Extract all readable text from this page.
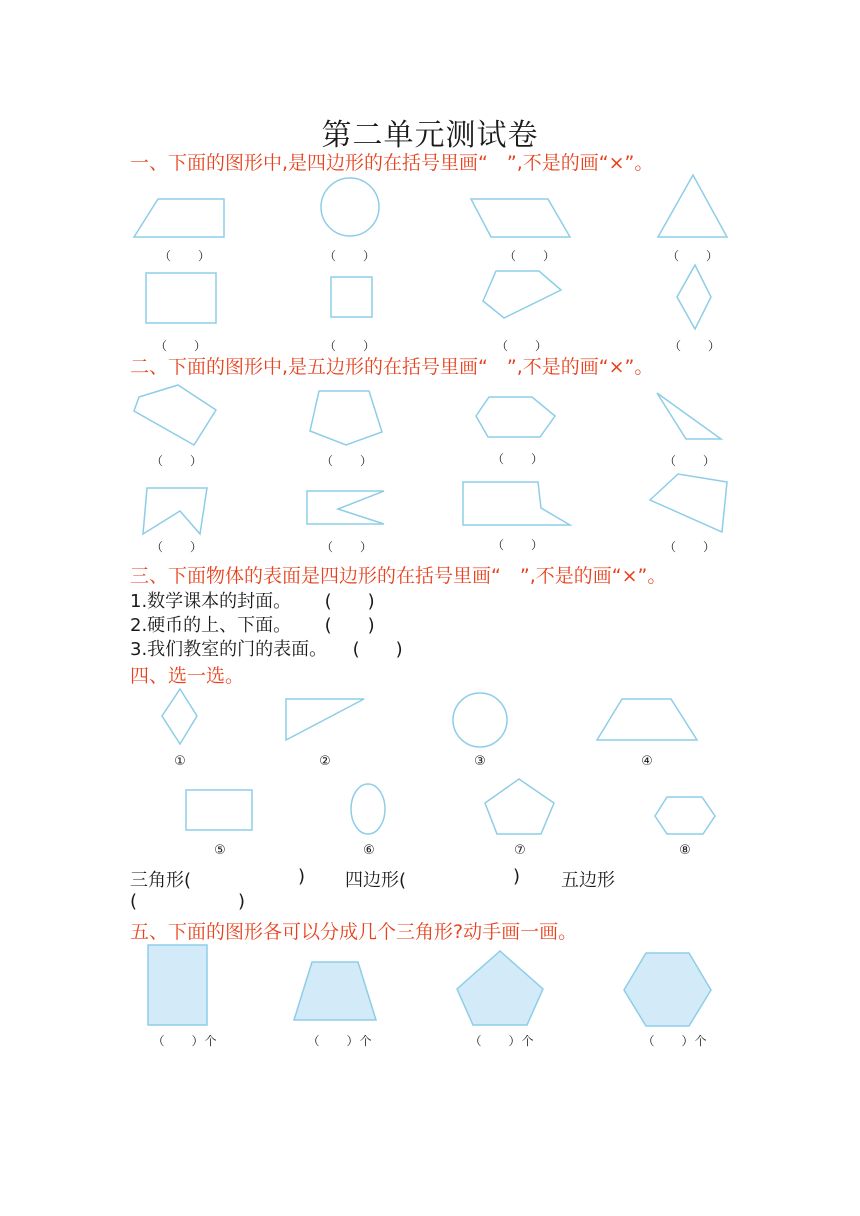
第二单元测试卷
一、下面的图形中,是四边形的在括号里画“　”,不是的画“×”。
（　　）	（　　）	（　　）	（　　）
（　　）	（　　）	（　　）	（　　）
二、下面的图形中,是五边形的在括号里画“　”,不是的画“×”。
（　　）	（　　）	（　　）	（　　）
（　　）	（　　）	（　　）	（　　）
三、下面物体的表面是四边形的在括号里画“　”,不是的画“×”。
1.数学课本的封面。 (　　)
2.硬币的上、下面。 (　　)
3.我们教室的门的表面。 (　　)
四、选一选。
①	②	③	④
⑤	⑥	⑦	⑧
三角形(	) 四边形(	) 五边形
(	)
五、下面的图形各可以分成几个三角形?动手画一画。
（　　）个	（　　）个	（　　）个	（　　）个
